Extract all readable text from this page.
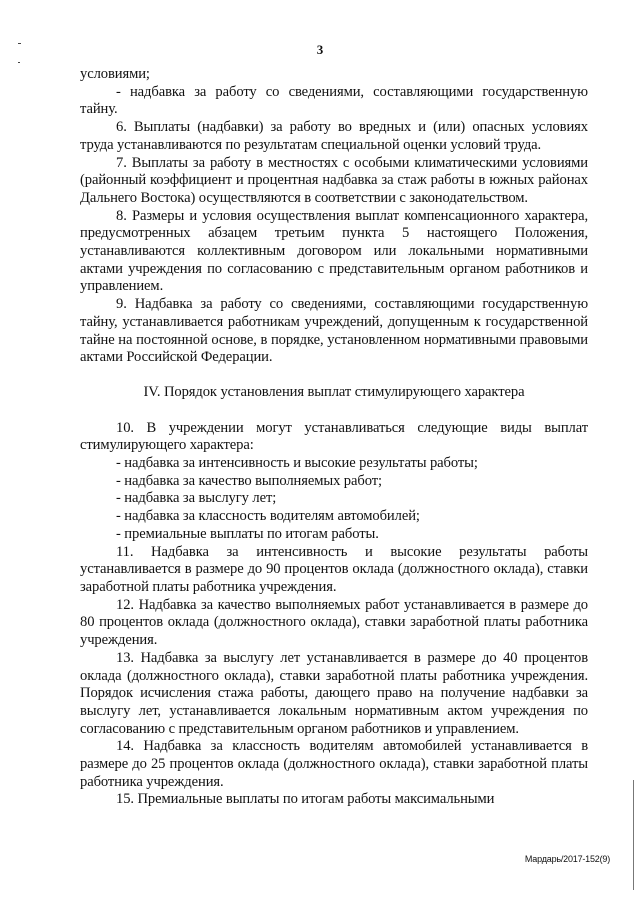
3

условиями;

- надбавка за работу со сведениями, составляющими государственную тайну.

6. Выплаты (надбавки) за работу во вредных и (или) опасных условиях труда устанавливаются по результатам специальной оценки условий труда.

7. Выплаты за работу в местностях с особыми климатическими условиями (районный коэффициент и процентная надбавка за стаж работы в южных районах Дальнего Востока) осуществляются в соответствии с законодательством.

8. Размеры и условия осуществления выплат компенсационного характера, предусмотренных абзацем третьим пункта 5 настоящего Положения, устанавливаются коллективным договором или локальными нормативными актами учреждения по согласованию с представительным органом работников и управлением.

9. Надбавка за работу со сведениями, составляющими государственную тайну, устанавливается работникам учреждений, допущенным к государственной тайне на постоянной основе, в порядке, установленном нормативными правовыми актами Российской Федерации.

IV. Порядок установления выплат стимулирующего характера

10. В учреждении могут устанавливаться следующие виды выплат стимулирующего характера:

- надбавка за интенсивность и высокие результаты работы;

- надбавка за качество выполняемых работ;

- надбавка за выслугу лет;

- надбавка за классность водителям автомобилей;

- премиальные выплаты по итогам работы.

11. Надбавка за интенсивность и высокие результаты работы устанавливается в размере до 90 процентов оклада (должностного оклада), ставки заработной платы работника учреждения.

12. Надбавка за качество выполняемых работ устанавливается в размере до 80 процентов оклада (должностного оклада), ставки заработной платы работника учреждения.

13. Надбавка за выслугу лет устанавливается в размере до 40 процентов оклада (должностного оклада), ставки заработной платы работника учреждения. Порядок исчисления стажа работы, дающего право на получение надбавки за выслугу лет, устанавливается локальным нормативным актом учреждения по согласованию с представительным органом работников и управлением.

14. Надбавка за классность водителям автомобилей устанавливается в размере до 25 процентов оклада (должностного оклада), ставки заработной платы работника учреждения.

15. Премиальные выплаты по итогам работы максимальными

Мардарь/2017-152(9)
